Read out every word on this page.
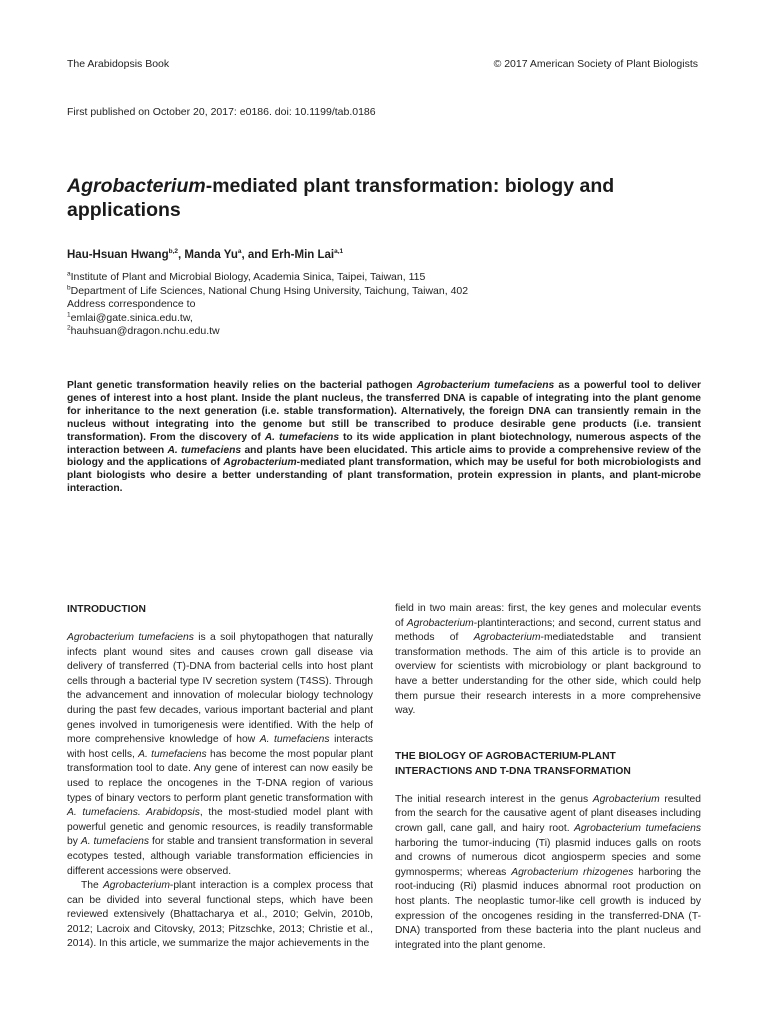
The Arabidopsis Book	© 2017 American Society of Plant Biologists
First published on October 20, 2017: e0186. doi: 10.1199/tab.0186
Agrobacterium-mediated plant transformation: biology and
applications
Hau-Hsuan Hwang$^{b,2}$, Manda Yu$^a$, and Erh-Min Lai$^{a,1}$
$^a$Institute of Plant and Microbial Biology, Academia Sinica, Taipei, Taiwan, 115
$^b$Department of Life Sciences, National Chung Hsing University, Taichung, Taiwan, 402
Address correspondence to
$^1$emlai@gate.sinica.edu.tw,
$^2$hauhsuan@dragon.nchu.edu.tw
Plant genetic transformation heavily relies on the bacterial pathogen Agrobacterium tumefaciens as a powerful tool to deliver genes of interest into a host plant. Inside the plant nucleus, the transferred DNA is capable of integrating into the plant genome for inheritance to the next generation (i.e. stable transformation). Alternatively, the foreign DNA can transiently remain in the nucleus without integrating into the genome but still be transcribed to produce desirable gene products (i.e. transient transformation). From the discovery of A. tumefaciens to its wide application in plant biotechnology, numerous aspects of the interaction between A. tumefaciens and plants have been elucidated. This article aims to provide a comprehensive review of the biology and the applications of Agrobacterium-mediated plant transformation, which may be useful for both microbiologists and plant biologists who desire a better understanding of plant transformation, protein expression in plants, and plant-microbe interaction.
INTRODUCTION

Agrobacterium tumefaciens is a soil phytopathogen that naturally infects plant wound sites and causes crown gall disease via delivery of transferred (T)-DNA from bacterial cells into host plant cells through a bacterial type IV secretion system (T4SS). Through the advancement and innovation of molecular biology technology during the past few decades, various important bacterial and plant genes involved in tumorigenesis were identified. With the help of more comprehensive knowledge of how A. tumefaciens interacts with host cells, A. tumefaciens has become the most popular plant transformation tool to date. Any gene of interest can now easily be used to replace the oncogenes in the T-DNA region of various types of binary vectors to perform plant genetic transformation with A. tumefaciens. Arabidopsis, the most-studied model plant with powerful genetic and genomic resources, is readily transformable by A. tumefaciens for stable and transient transformation in several ecotypes tested, although variable transformation efficiencies in different accessions were observed.

The Agrobacterium-plant interaction is a complex process that can be divided into several functional steps, which have been reviewed extensively (Bhattacharya et al., 2010; Gelvin, 2010b, 2012; Lacroix and Citovsky, 2013; Pitzschke, 2013; Christie et al., 2014). In this article, we summarize the major achievements in the

THE BIOLOGY OF AGROBACTERIUM-PLANT INTERACTIONS AND T-DNA TRANSFORMATION

The initial research interest in the genus Agrobacterium resulted from the search for the causative agent of plant diseases including crown gall, cane gall, and hairy root. Agrobacterium tumefaciens harboring the tumor-inducing (Ti) plasmid induces galls on roots and crowns of numerous dicot angiosperm species and some gymnosperms; whereas Agrobacterium rhizogenes harboring the root-inducing (Ri) plasmid induces abnormal root production on host plants. The neoplastic tumor-like cell growth is induced by expression of the oncogenes residing in the transferred-DNA (T-DNA) transported from these bacteria into the plant nucleus and integrated into the plant genome.

field in two main areas: first, the key genes and molecular events of Agrobacterium-plantinteractions; and second, current status and methods of Agrobacterium-mediatedstable and transient transformation methods. The aim of this article is to provide an overview for scientists with microbiology or plant background to have a better understanding for the other side, which could help them pursue their research interests in a more comprehensive way.
